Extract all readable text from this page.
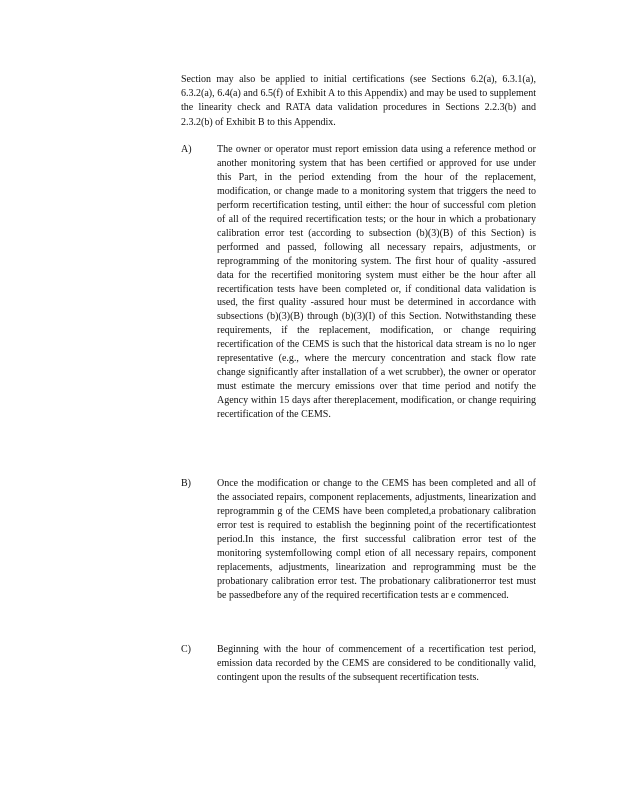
Section may also be applied to initial certifications (see Sections 6.2(a), 6.3.1(a), 6.3.2(a), 6.4(a) and 6.5(f) of Exhibit A to this Appendix) and may be used to supplement the linearity check and RATA data validation procedures in Sections 2.2.3(b) and 2.3.2(b) of Exhibit B to this Appendix.

A)	The owner or operator must report emission data using a reference method or another monitoring system that has been certified or approved for use under this Part, in the period extending from the hour of the replacement, modification, or change made to a monitoring system that triggers the need to perform recertification testing, until either: the hour of successful com pletion of all of the required recertification tests; or the hour in which a probationary calibration error test (according to subsection (b)(3)(B) of this Section) is performed and passed, following all necessary repairs, adjustments, or reprogramming of the monitoring system. The first hour of quality -assured data for the recertified monitoring system must either be the hour after all recertification tests have been completed or, if conditional data validation is used, the first quality -assured hour must be determined in accordance with subsections (b)(3)(B) through (b)(3)(I) of this Section. Notwithstanding these requirements, if the replacement, modification, or change requiring recertification of the CEMS is such that the historical data stream is no lo nger representative (e.g., where the mercury concentration and stack flow rate change significantly after installation of a wet scrubber), the owner or operator must estimate the mercury emissions over that time period and notify the Agency within 15 days after thereplacement, modification, or change requiring recertification of the CEMS.

B)	Once the modification or change to the CEMS has been completed and all of the associated repairs, component replacements, adjustments, linearization and reprogrammin g of the CEMS have been completed,a probationary calibration error test is required to establish the beginning point of the recertificationtest period.In this instance, the first successful calibration error test of the monitoring systemfollowing compl etion of all necessary repairs, component replacements, adjustments, linearization and reprogramming must be the probationary calibration error test. The probationary calibrationerror test must be passedbefore any of the required recertification tests ar e commenced.

C)	Beginning with the hour of commencement of a recertification test period, emission data recorded by the CEMS are considered to be conditionally valid, contingent upon the results of the subsequent recertification tests.
